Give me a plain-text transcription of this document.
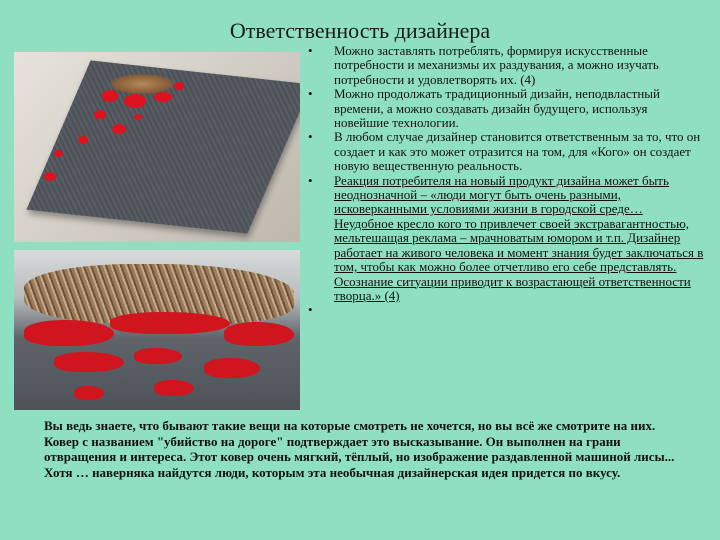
Ответственность дизайнера
• Можно заставлять потреблять, формируя искусственные потребности и механизмы их раздувания, а можно изучать потребности и удовлетворять их. (4)
• Можно продолжать традиционный дизайн, неподвластный времени, а можно создавать дизайн будущего, используя новейшие технологии.
• В любом случае дизайнер становится ответственным за то, что он создает и как это может отразится на том, для «Кого» он создает новую вещественную реальность.
• Реакция потребителя на новый продукт дизайна может быть неоднозначной – «люди могут быть очень разными, исковерканными условиями жизни в городской среде… Неудобное кресло кого то привлечет своей экстравагантностью, мельтешащая реклама – мрачноватым юмором и т.п. Дизайнер работает на живого человека и момент знания будет заключаться в том, чтобы как можно более отчетливо его себе представлять. Осознание ситуации приводит к возрастающей ответственности творца.» (4)
•

Вы ведь знаете, что бывают такие вещи на которые смотреть не хочется, но вы всё же смотрите на них. Ковер с названием "убийство на дороге" подтверждает это высказывание. Он выполнен на грани отвращения и интереса. Этот ковер очень мягкий, тёплый, но изображение раздавленной машиной лисы... Хотя … наверняка найдутся люди, которым эта необычная дизайнерская идея придется по вкусу.
